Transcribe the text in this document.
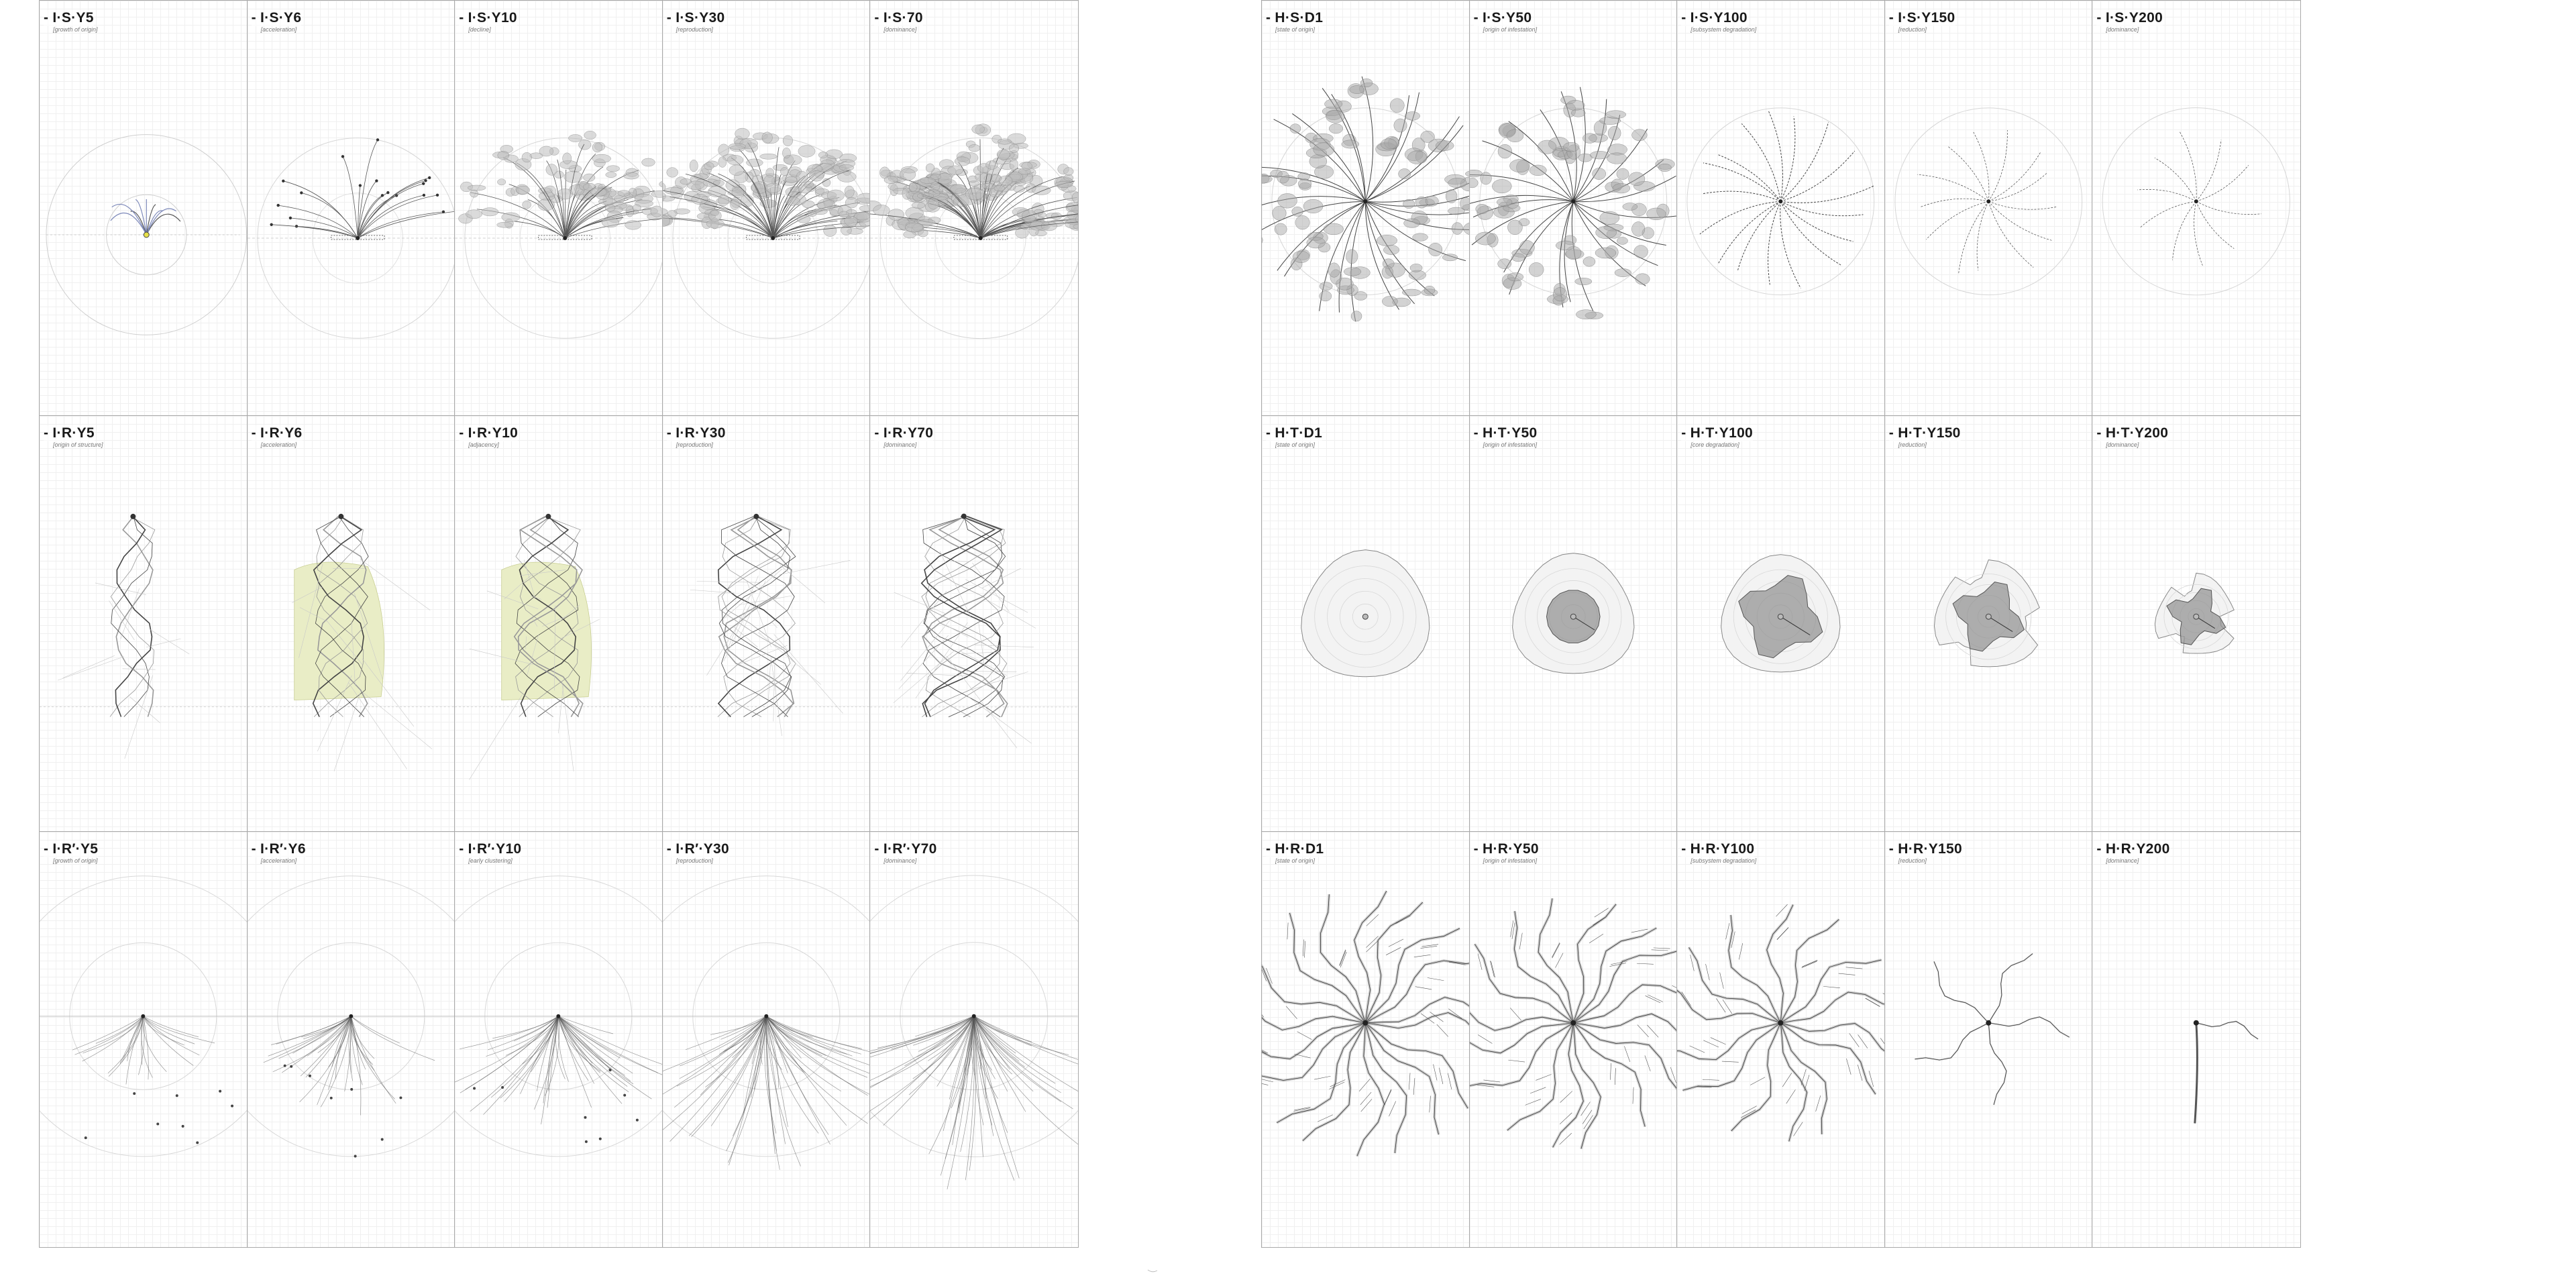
- I·S·Y5
[growth of origin]
- I·S·Y6
[acceleration]
- I·S·Y10
[decline]
- I·S·Y30
[reproduction]
- I·S·70
[dominance]
- I·R·Y5
[origin of structure]
- I·R·Y6
[acceleration]
- I·R·Y10
[adjacency]
- I·R·Y30
[reproduction]
- I·R·Y70
[dominance]
- I·R′·Y5
[growth of origin]
- I·R′·Y6
[acceleration]
- I·R′·Y10
[early clustering]
- I·R′·Y30
[reproduction]
- I·R′·Y70
[dominance]
- H·S·D1
[state of origin]
- I·S·Y50
[origin of infestation]
- I·S·Y100
[subsystem degradation]
- I·S·Y150
[reduction]
- I·S·Y200
[dominance]
- H·T·D1
[state of origin]
- H·T·Y50
[origin of infestation]
- H·T·Y100
[core degradation]
- H·T·Y150
[reduction]
- H·T·Y200
[dominance]
- H·R·D1
[state of origin]
- H·R·Y50
[origin of infestation]
- H·R·Y100
[subsystem degradation]
- H·R·Y150
[reduction]
- H·R·Y200
[dominance]
